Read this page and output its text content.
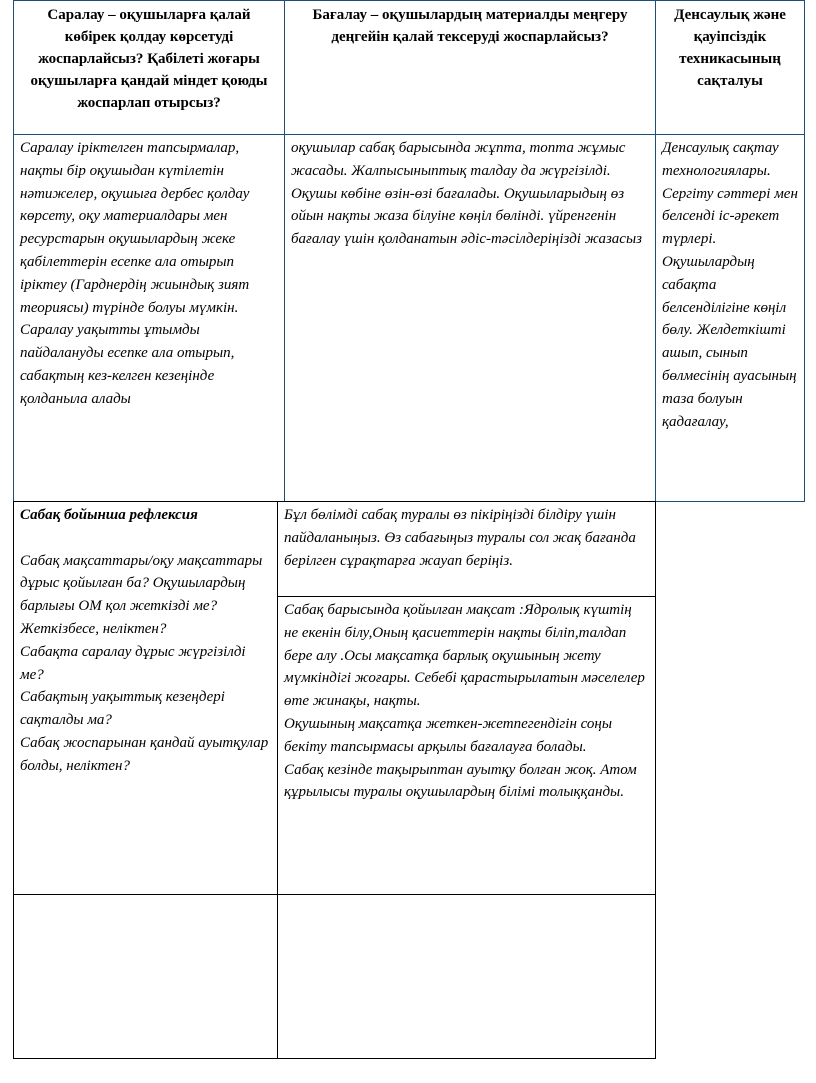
Саралау – оқушыларға қалай көбірек қолдау көрсетуді жоспарлайсыз? Қабілеті жоғары оқушыларға қандай міндет қоюды жоспарлап отырсыз?
Бағалау – оқушылардың материалды меңгеру деңгейін қалай тексеруді жоспарлайсыз?
Денсаулық және қауіпсіздік техникасының сақталуы
Саралау іріктелген тапсырмалар, нақты бір оқушыдан күтілетін нәтижелер, оқушыға дербес қолдау көрсету, оқу материалдары мен ресурстарын оқушылардың жеке қабілеттерін есепке ала отырып іріктеу (Гарднердің жиындық зият теориясы) түрінде болуы мүмкін. Саралау уақытты ұтымды пайдалануды есепке ала отырып, сабақтың кез-келген кезеңінде қолданыла алады
оқушылар сабақ барысында жұпта, топта жұмыс жасады. Жалпысыныптық талдау да жүргізілді. Оқушы көбіне өзін-өзі бағалады. Оқушыларыдың өз ойын нақты жаза білуіне көңіл бөлінді. үйренгенін бағалау үшін қолданатын әдіс-тәсілдеріңізді жазасыз
Денсаулық сақтау технологиялары. Сергіту сәттері мен белсенді іс-әрекет түрлері. Оқушылардың сабақта белсенділігіне көңіл бөлу. Желдеткішті ашып, сынып бөлмесінің ауасының таза болуын қадағалау,

Сабақ бойынша рефлексия

Сабақ мақсаттары/оқу мақсаттары дұрыс қойылған ба? Оқушылардың барлығы ОМ қол жеткізді ме?

Жеткізбесе, неліктен?

Сабақта саралау дұрыс жүргізілді ме?

Сабақтың уақыттық кезеңдері сақталды ма?

Сабақ жоспарынан қандай ауытқулар болды, неліктен?

Бұл бөлімді сабақ туралы өз пікіріңізді білдіру үшін пайдаланыңыз. Өз сабағыңыз туралы сол жақ бағанда берілген сұрақтарға жауап беріңіз.

Сабақ барысында қойылған мақсат :Ядролық күштің не екенін білу,Оның қасиеттерін нақты біліп,талдап бере алу .Осы мақсатқа барлық оқушының жету мүмкіндігі жоғары. Себебі қарастырылатын мәселелер өте жинақы, нақты.

Оқушының мақсатқа жеткен-жетпегендігін соңы бекіту тапсырмасы арқылы бағалауға болады.

Сабақ кезінде тақырыптан ауытқу болған жоқ. Атом құрылысы туралы оқушылардың білімі толыққанды.
